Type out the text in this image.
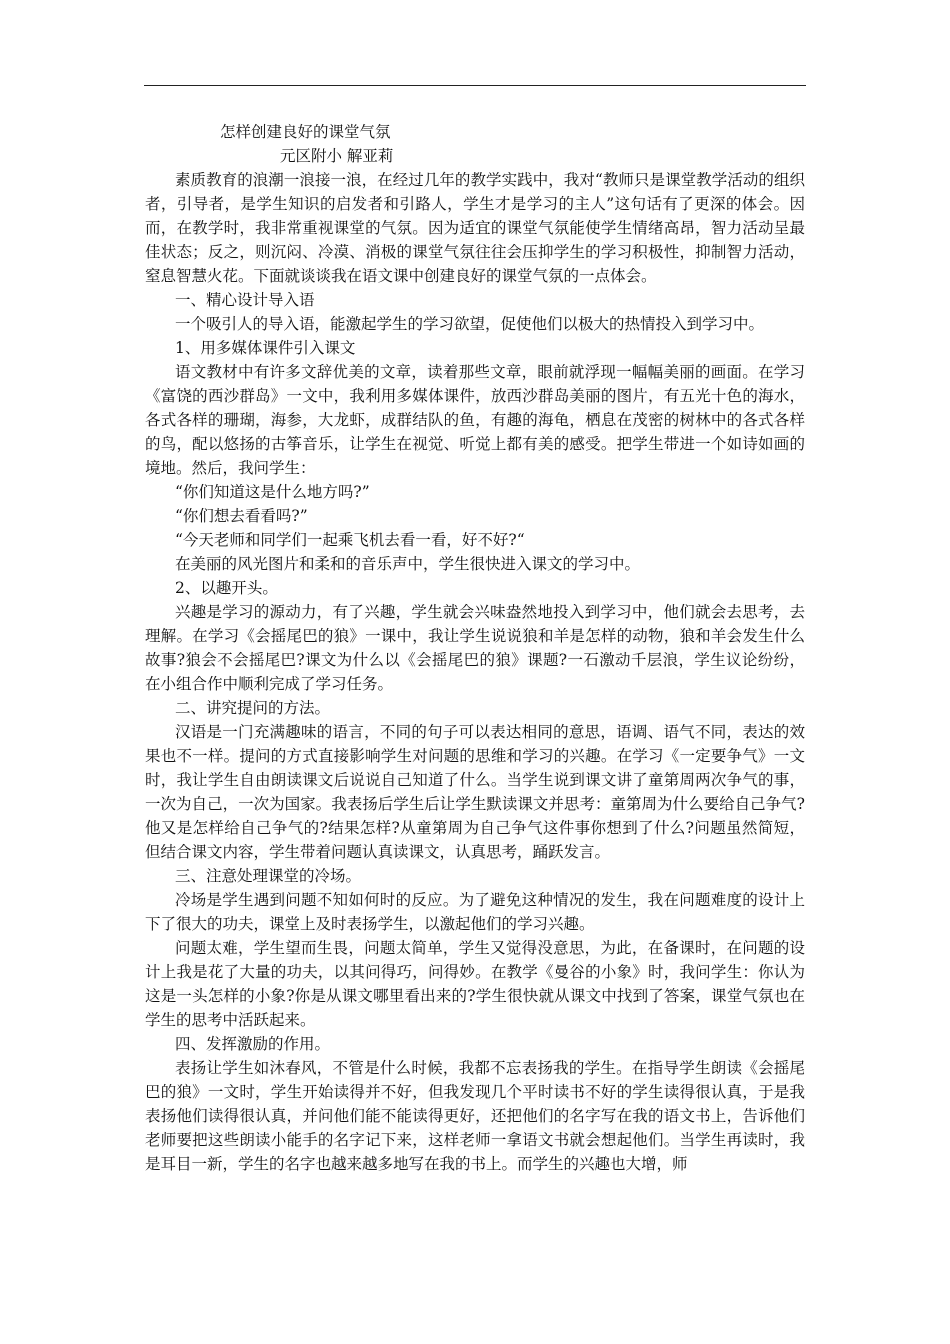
怎样创建良好的课堂气氛
元区附小 解亚莉

素质教育的浪潮一浪接一浪，在经过几年的教学实践中，我对“教师只是课堂教学活动的组织者，引导者，是学生知识的启发者和引路人，学生才是学习的主人”这句话有了更深的体会。因而，在教学时，我非常重视课堂的气氛。因为适宜的课堂气氛能使学生情绪高昂，智力活动呈最佳状态；反之，则沉闷、冷漠、消极的课堂气氛往往会压抑学生的学习积极性，抑制智力活动，窒息智慧火花。下面就谈谈我在语文课中创建良好的课堂气氛的一点体会。

一、精心设计导入语

一个吸引人的导入语，能激起学生的学习欲望，促使他们以极大的热情投入到学习中。

1、用多媒体课件引入课文

语文教材中有许多文辞优美的文章，读着那些文章，眼前就浮现一幅幅美丽的画面。在学习《富饶的西沙群岛》一文中，我利用多媒体课件，放西沙群岛美丽的图片，有五光十色的海水，各式各样的珊瑚，海参，大龙虾，成群结队的鱼，有趣的海龟，栖息在茂密的树林中的各式各样的鸟，配以悠扬的古筝音乐，让学生在视觉、听觉上都有美的感受。把学生带进一个如诗如画的境地。然后，我问学生：

“你们知道这是什么地方吗?”

“你们想去看看吗?”

“今天老师和同学们一起乘飞机去看一看，好不好?“

在美丽的风光图片和柔和的音乐声中，学生很快进入课文的学习中。

2、以趣开头。

兴趣是学习的源动力，有了兴趣，学生就会兴味盎然地投入到学习中，他们就会去思考，去理解。在学习《会摇尾巴的狼》一课中，我让学生说说狼和羊是怎样的动物，狼和羊会发生什么故事?狼会不会摇尾巴?课文为什么以《会摇尾巴的狼》课题?一石激动千层浪，学生议论纷纷，在小组合作中顺利完成了学习任务。

二、讲究提问的方法。

汉语是一门充满趣味的语言，不同的句子可以表达相同的意思，语调、语气不同，表达的效果也不一样。提问的方式直接影响学生对问题的思维和学习的兴趣。在学习《一定要争气》一文时，我让学生自由朗读课文后说说自己知道了什么。当学生说到课文讲了童第周两次争气的事，一次为自己，一次为国家。我表扬后学生后让学生默读课文并思考：童第周为什么要给自己争气?他又是怎样给自己争气的?结果怎样?从童第周为自己争气这件事你想到了什么?问题虽然简短，但结合课文内容，学生带着问题认真读课文，认真思考，踊跃发言。

三、注意处理课堂的冷场。

冷场是学生遇到问题不知如何时的反应。为了避免这种情况的发生，我在问题难度的设计上下了很大的功夫，课堂上及时表扬学生，以激起他们的学习兴趣。

问题太难，学生望而生畏，问题太简单，学生又觉得没意思，为此，在备课时，在问题的设计上我是花了大量的功夫，以其问得巧，问得妙。在教学《曼谷的小象》时，我问学生：你认为这是一头怎样的小象?你是从课文哪里看出来的?学生很快就从课文中找到了答案，课堂气氛也在学生的思考中活跃起来。

四、发挥激励的作用。

表扬让学生如沐春风，不管是什么时候，我都不忘表扬我的学生。在指导学生朗读《会摇尾巴的狼》一文时，学生开始读得并不好，但我发现几个平时读书不好的学生读得很认真，于是我表扬他们读得很认真，并问他们能不能读得更好，还把他们的名字写在我的语文书上，告诉他们老师要把这些朗读小能手的名字记下来，这样老师一拿语文书就会想起他们。当学生再读时，我是耳目一新，学生的名字也越来越多地写在我的书上。而学生的兴趣也大增，师
